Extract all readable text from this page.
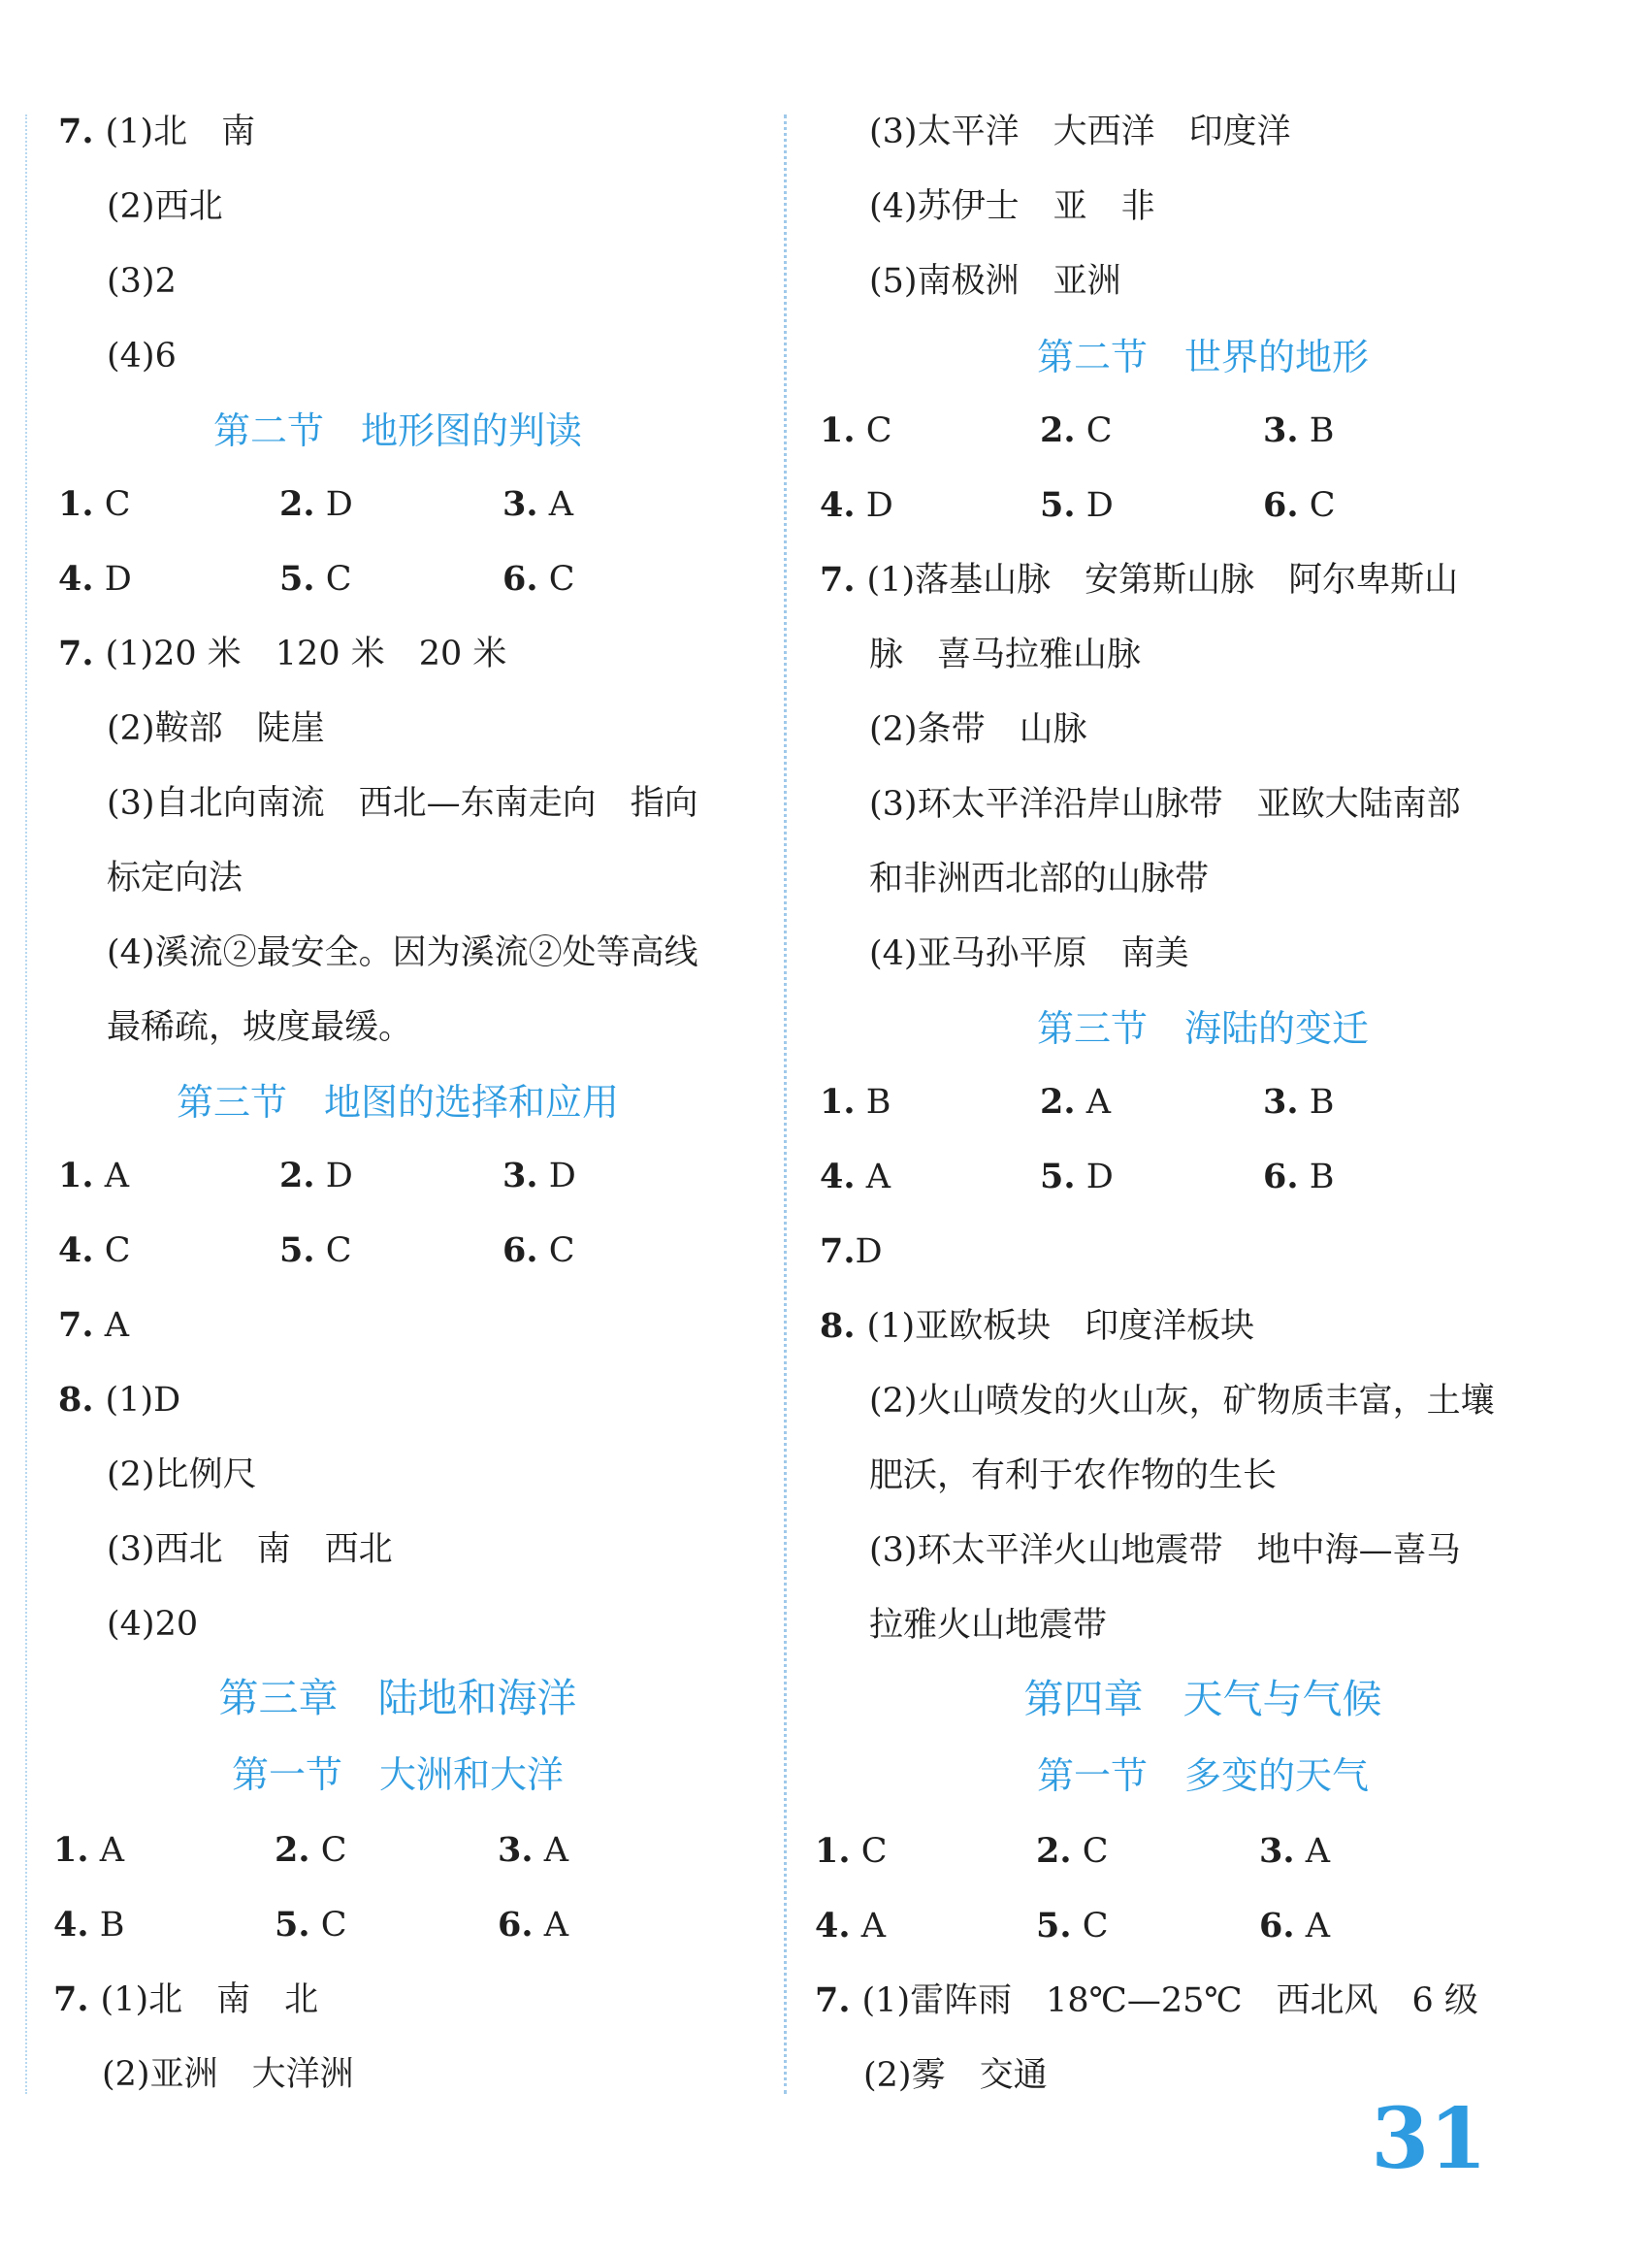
7. (1)北　南
(2)西北
(3)2
(4)6
第二节　地形图的判读
1. C	2. D	3. A
4. D	5. C	6. C
7. (1)20 米　120 米　20 米
(2)鞍部　陡崖
(3)自北向南流　西北—东南走向　指向
标定向法
(4)溪流②最安全。因为溪流②处等高线
最稀疏，坡度最缓。
第三节　地图的选择和应用
1. A	2. D	3. D
4. C	5. C	6. C
7. A
8. (1)D
(2)比例尺
(3)西北　南　西北
(4)20
第三章　陆地和海洋
第一节　大洲和大洋
1. A	2. C	3. A
4. B	5. C	6. A
7. (1)北　南　北
(2)亚洲　大洋洲
(3)太平洋　大西洋　印度洋
(4)苏伊士　亚　非
(5)南极洲　亚洲
第二节　世界的地形
1. C	2. C	3. B
4. D	5. D	6. C
7. (1)落基山脉　安第斯山脉　阿尔卑斯山
脉　喜马拉雅山脉
(2)条带　山脉
(3)环太平洋沿岸山脉带　亚欧大陆南部
和非洲西北部的山脉带
(4)亚马孙平原　南美
第三节　海陆的变迁
1. B	2. A	3. B
4. A	5. D	6. B
7.D
8. (1)亚欧板块　印度洋板块
(2)火山喷发的火山灰，矿物质丰富，土壤
肥沃，有利于农作物的生长
(3)环太平洋火山地震带　地中海—喜马
拉雅火山地震带
第四章　天气与气候
第一节　多变的天气
1. C	2. C	3. A
4. A	5. C	6. A
7. (1)雷阵雨　18℃—25℃　西北风　6 级
(2)雾　交通
31
